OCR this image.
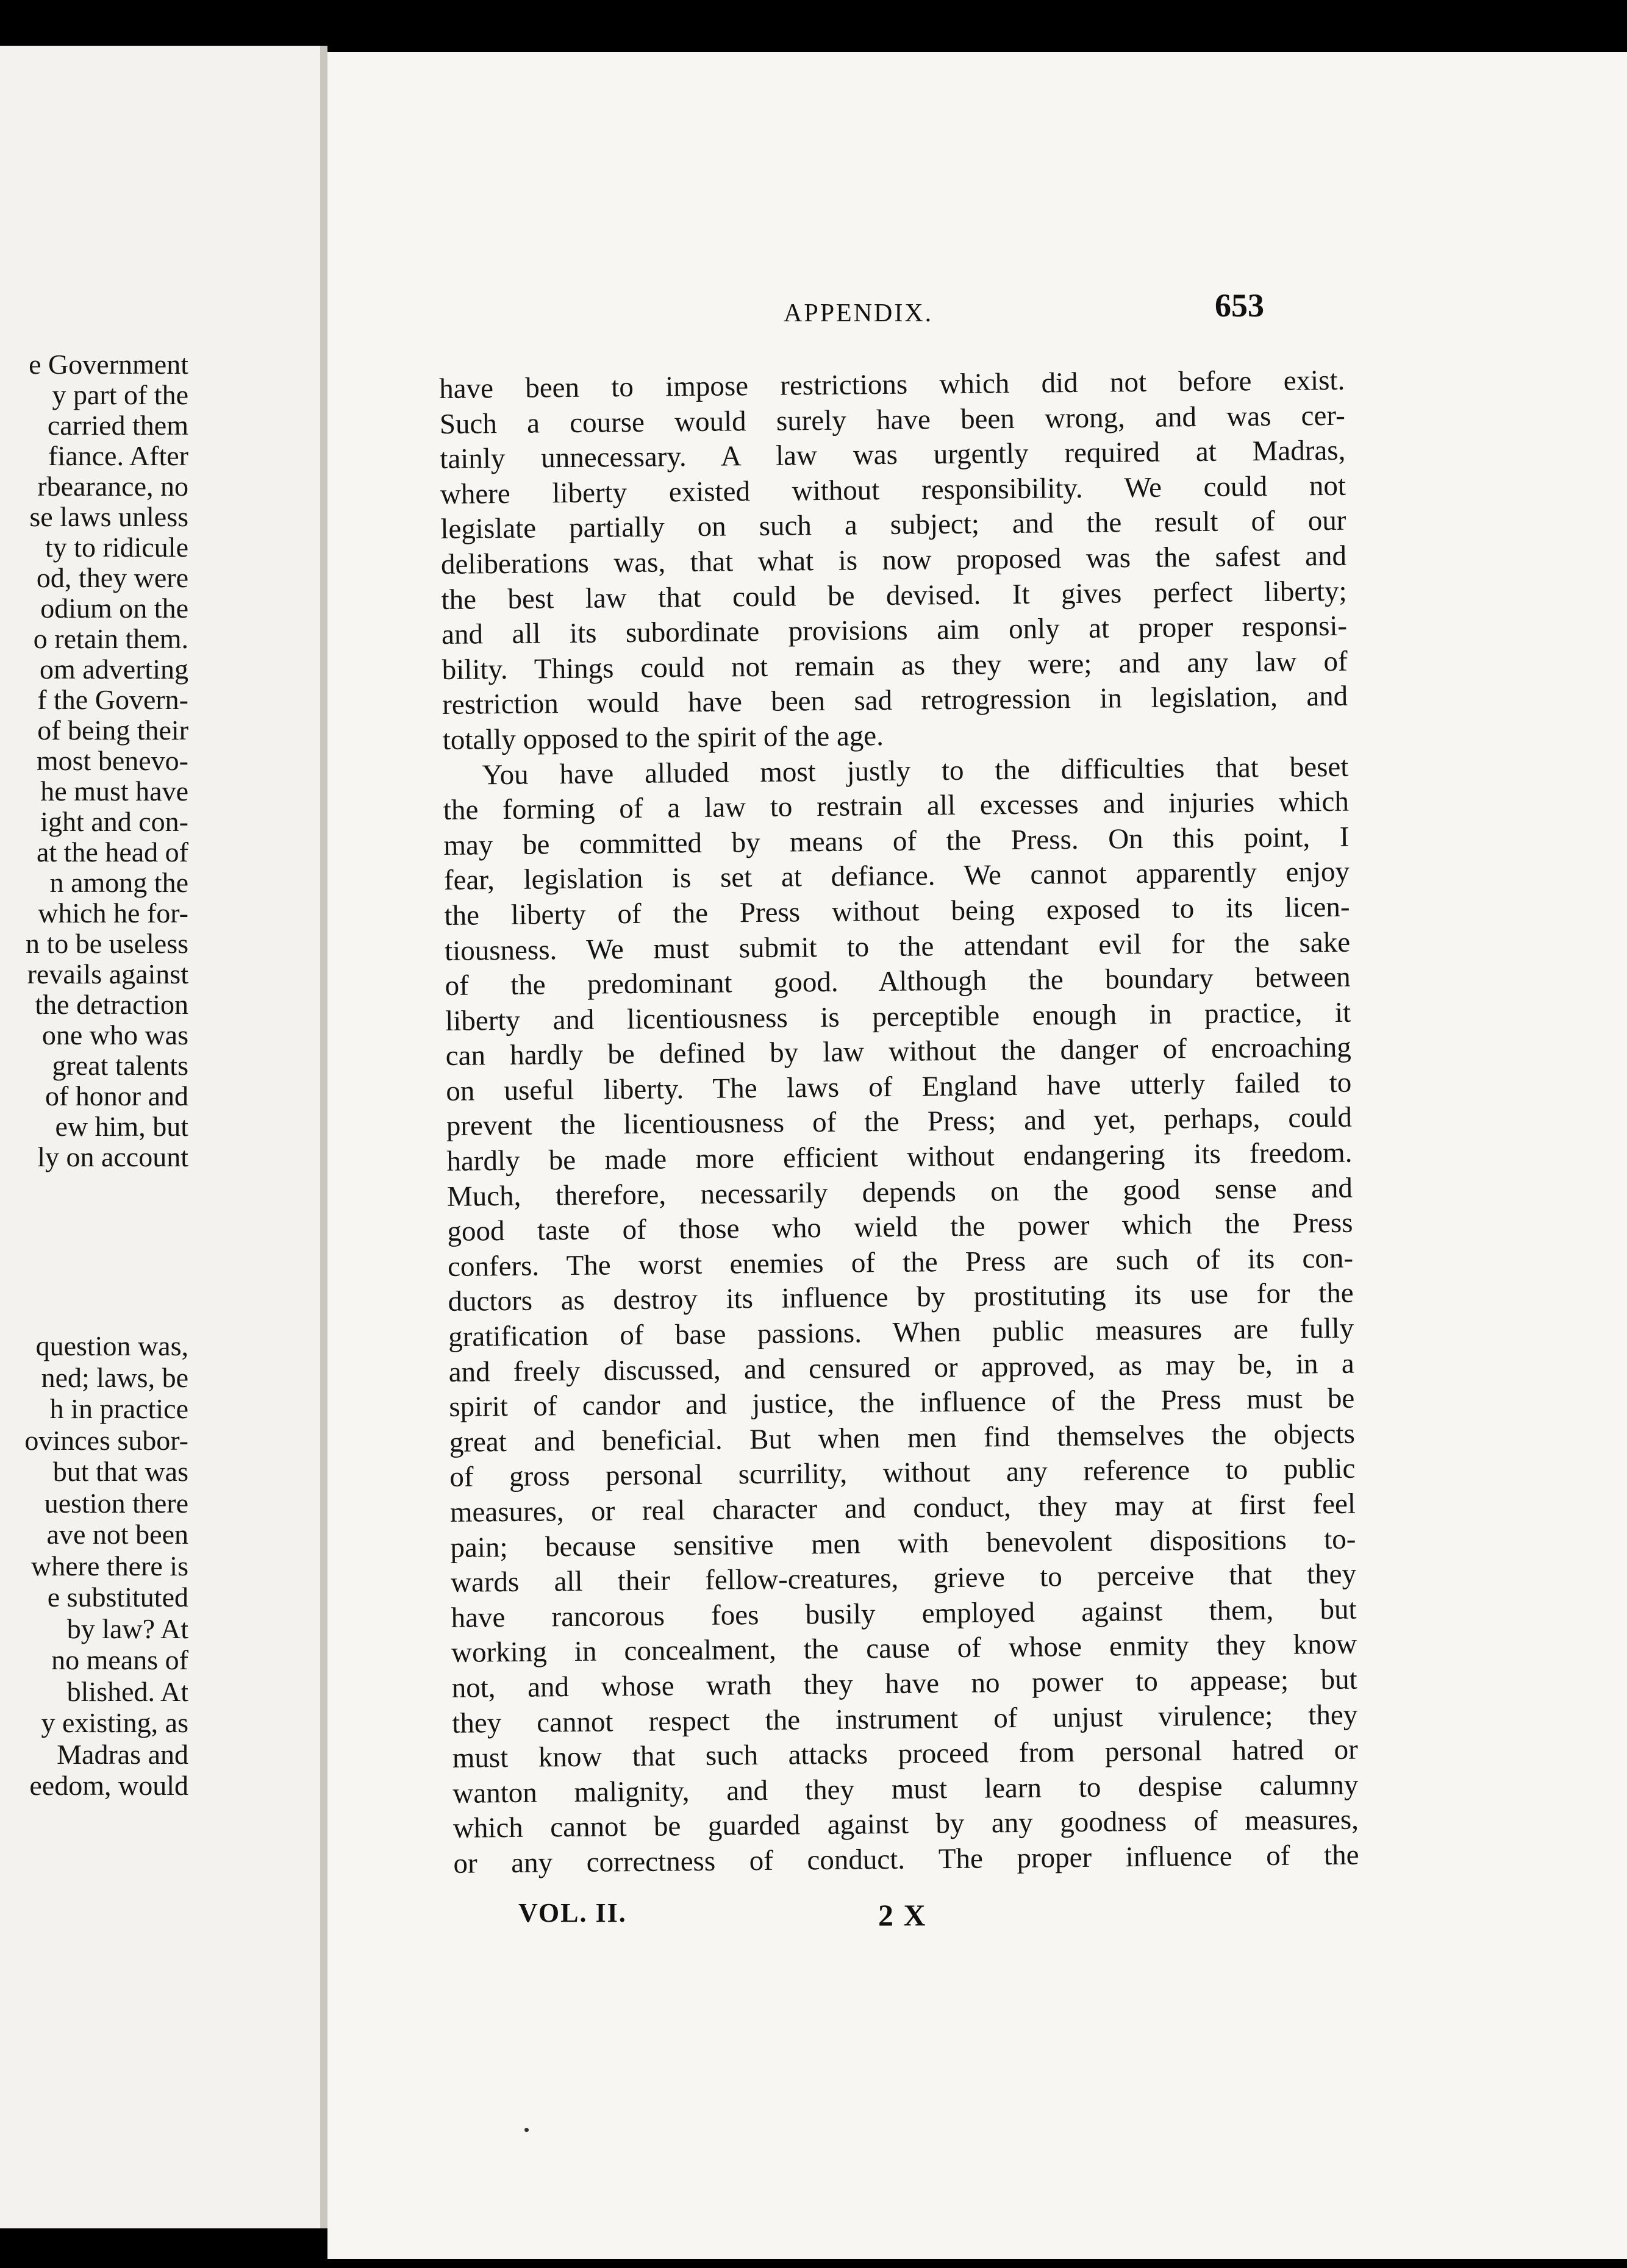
e Government
y part of the
carried them
fiance. After
rbearance, no
se laws unless
ty to ridicule
od, they were
odium on the
o retain them.
om adverting
f the Govern-
of being their
most benevo-
he must have
ight and con-
at the head of
n among the
which he for-
n to be useless
revails against
the detraction
one who was
great talents
of honor and
ew him, but
ly on account
question was,
ned; laws, be
h in practice
ovinces subor-
but that was
uestion there
ave not been
where there is
e substituted
by law? At
no means of
blished. At
y existing, as
Madras and
eedom, would
APPENDIX.	653
have been to impose restrictions which did not before exist.
Such a course would surely have been wrong, and was cer-
tainly unnecessary. A law was urgently required at Madras,
where liberty existed without responsibility. We could not
legislate partially on such a subject; and the result of our
deliberations was, that what is now proposed was the safest and
the best law that could be devised. It gives perfect liberty;
and all its subordinate provisions aim only at proper responsi-
bility. Things could not remain as they were; and any law of
restriction would have been sad retrogression in legislation, and
totally opposed to the spirit of the age.
You have alluded most justly to the difficulties that beset
the forming of a law to restrain all excesses and injuries which
may be committed by means of the Press. On this point, I
fear, legislation is set at defiance. We cannot apparently enjoy
the liberty of the Press without being exposed to its licen-
tiousness. We must submit to the attendant evil for the sake
of the predominant good. Although the boundary between
liberty and licentiousness is perceptible enough in practice, it
can hardly be defined by law without the danger of encroaching
on useful liberty. The laws of England have utterly failed to
prevent the licentiousness of the Press; and yet, perhaps, could
hardly be made more efficient without endangering its freedom.
Much, therefore, necessarily depends on the good sense and
good taste of those who wield the power which the Press
confers. The worst enemies of the Press are such of its con-
ductors as destroy its influence by prostituting its use for the
gratification of base passions. When public measures are fully
and freely discussed, and censured or approved, as may be, in a
spirit of candor and justice, the influence of the Press must be
great and beneficial. But when men find themselves the objects
of gross personal scurrility, without any reference to public
measures, or real character and conduct, they may at first feel
pain; because sensitive men with benevolent dispositions to-
wards all their fellow-creatures, grieve to perceive that they
have rancorous foes busily employed against them, but
working in concealment, the cause of whose enmity they know
not, and whose wrath they have no power to appease; but
they cannot respect the instrument of unjust virulence; they
must know that such attacks proceed from personal hatred or
wanton malignity, and they must learn to despise calumny
which cannot be guarded against by any goodness of measures,
or any correctness of conduct. The proper influence of the
VOL. II.	2 X
